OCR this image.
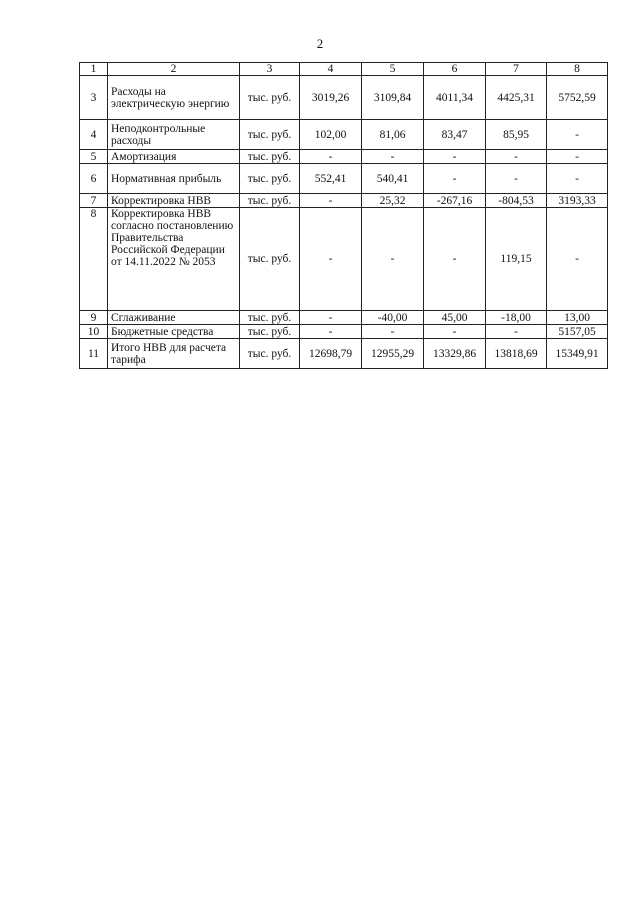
2
1	2	3	4	5	6	7	8
3	Расходы на электрическую энергию	тыс. руб.	3019,26	3109,84	4011,34	4425,31	5752,59
4	Неподконтрольные расходы	тыс. руб.	102,00	81,06	83,47	85,95	-
5	Амортизация	тыс. руб.	-	-	-	-	-
6	Нормативная прибыль	тыс. руб.	552,41	540,41	-	-	-
7	Корректировка НВВ	тыс. руб.	-	25,32	-267,16	-804,53	3193,33
8	Корректировка НВВ согласно постановлению Правительства Российской Федерации от 14.11.2022 № 2053	тыс. руб.	-	-	-	119,15	-
9	Сглаживание	тыс. руб.	-	-40,00	45,00	-18,00	13,00
10	Бюджетные средства	тыс. руб.	-	-	-	-	5157,05
11	Итого НВВ для расчета тарифа	тыс. руб.	12698,79	12955,29	13329,86	13818,69	15349,91
